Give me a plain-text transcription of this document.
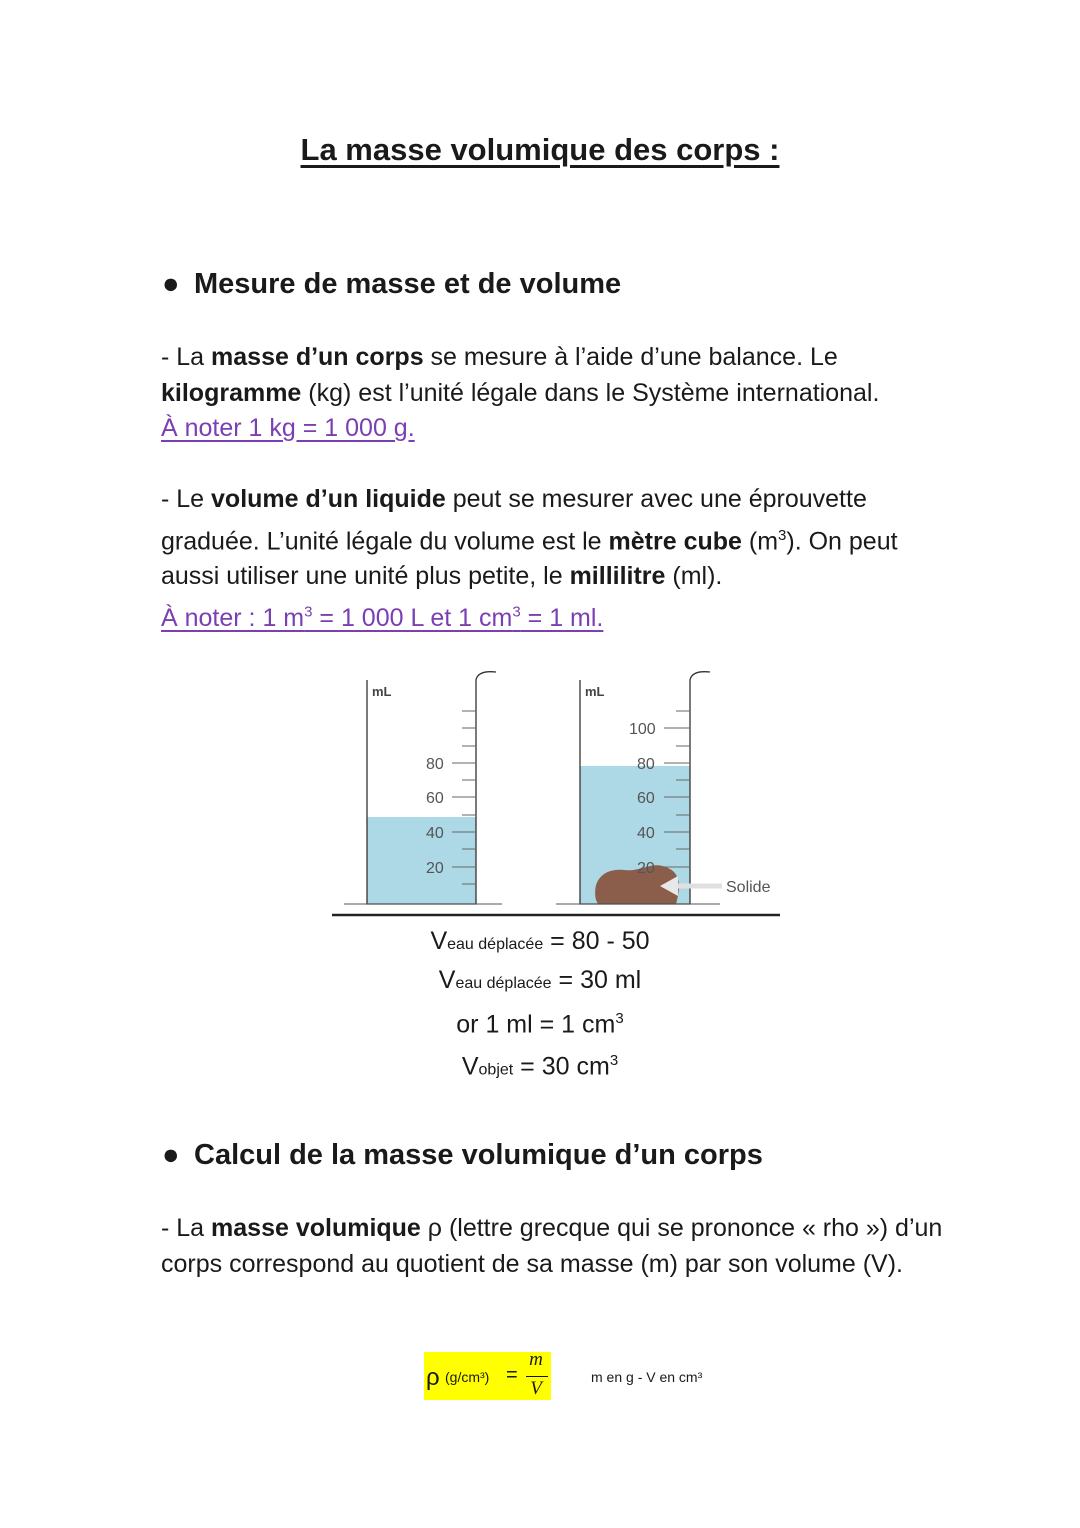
La masse volumique des corps :
● Mesure de masse et de volume

- La masse d’un corps se mesure à l’aide d’une balance. Le kilogramme (kg) est l’unité légale dans le Système international.
À noter 1 kg = 1 000 g.

- Le volume d’un liquide peut se mesurer avec une éprouvette graduée. L’unité légale du volume est le mètre cube $(m^3)$. On peut aussi utiliser une unité plus petite, le millilitre (ml).
À noter : 1 $m^3 = 1$ 000 L et 1 $cm^3 = 1$ ml.

mL
80
60
40
20
mL
100
80
60
40
20
Solide
Veau déplacée = 80 - 50
Veau déplacée = 30 ml
or 1 ml = 1 $cm^3$
Vobjet = 30 $cm^3$
● Calcul de la masse volumique d’un corps

- La masse volumique ρ (lettre grecque qui se prononce « rho ») d’un corps correspond au quotient de sa masse (m) par son volume (V).

ρ (g/cm³) =
m
V
m en g - V en cm³
